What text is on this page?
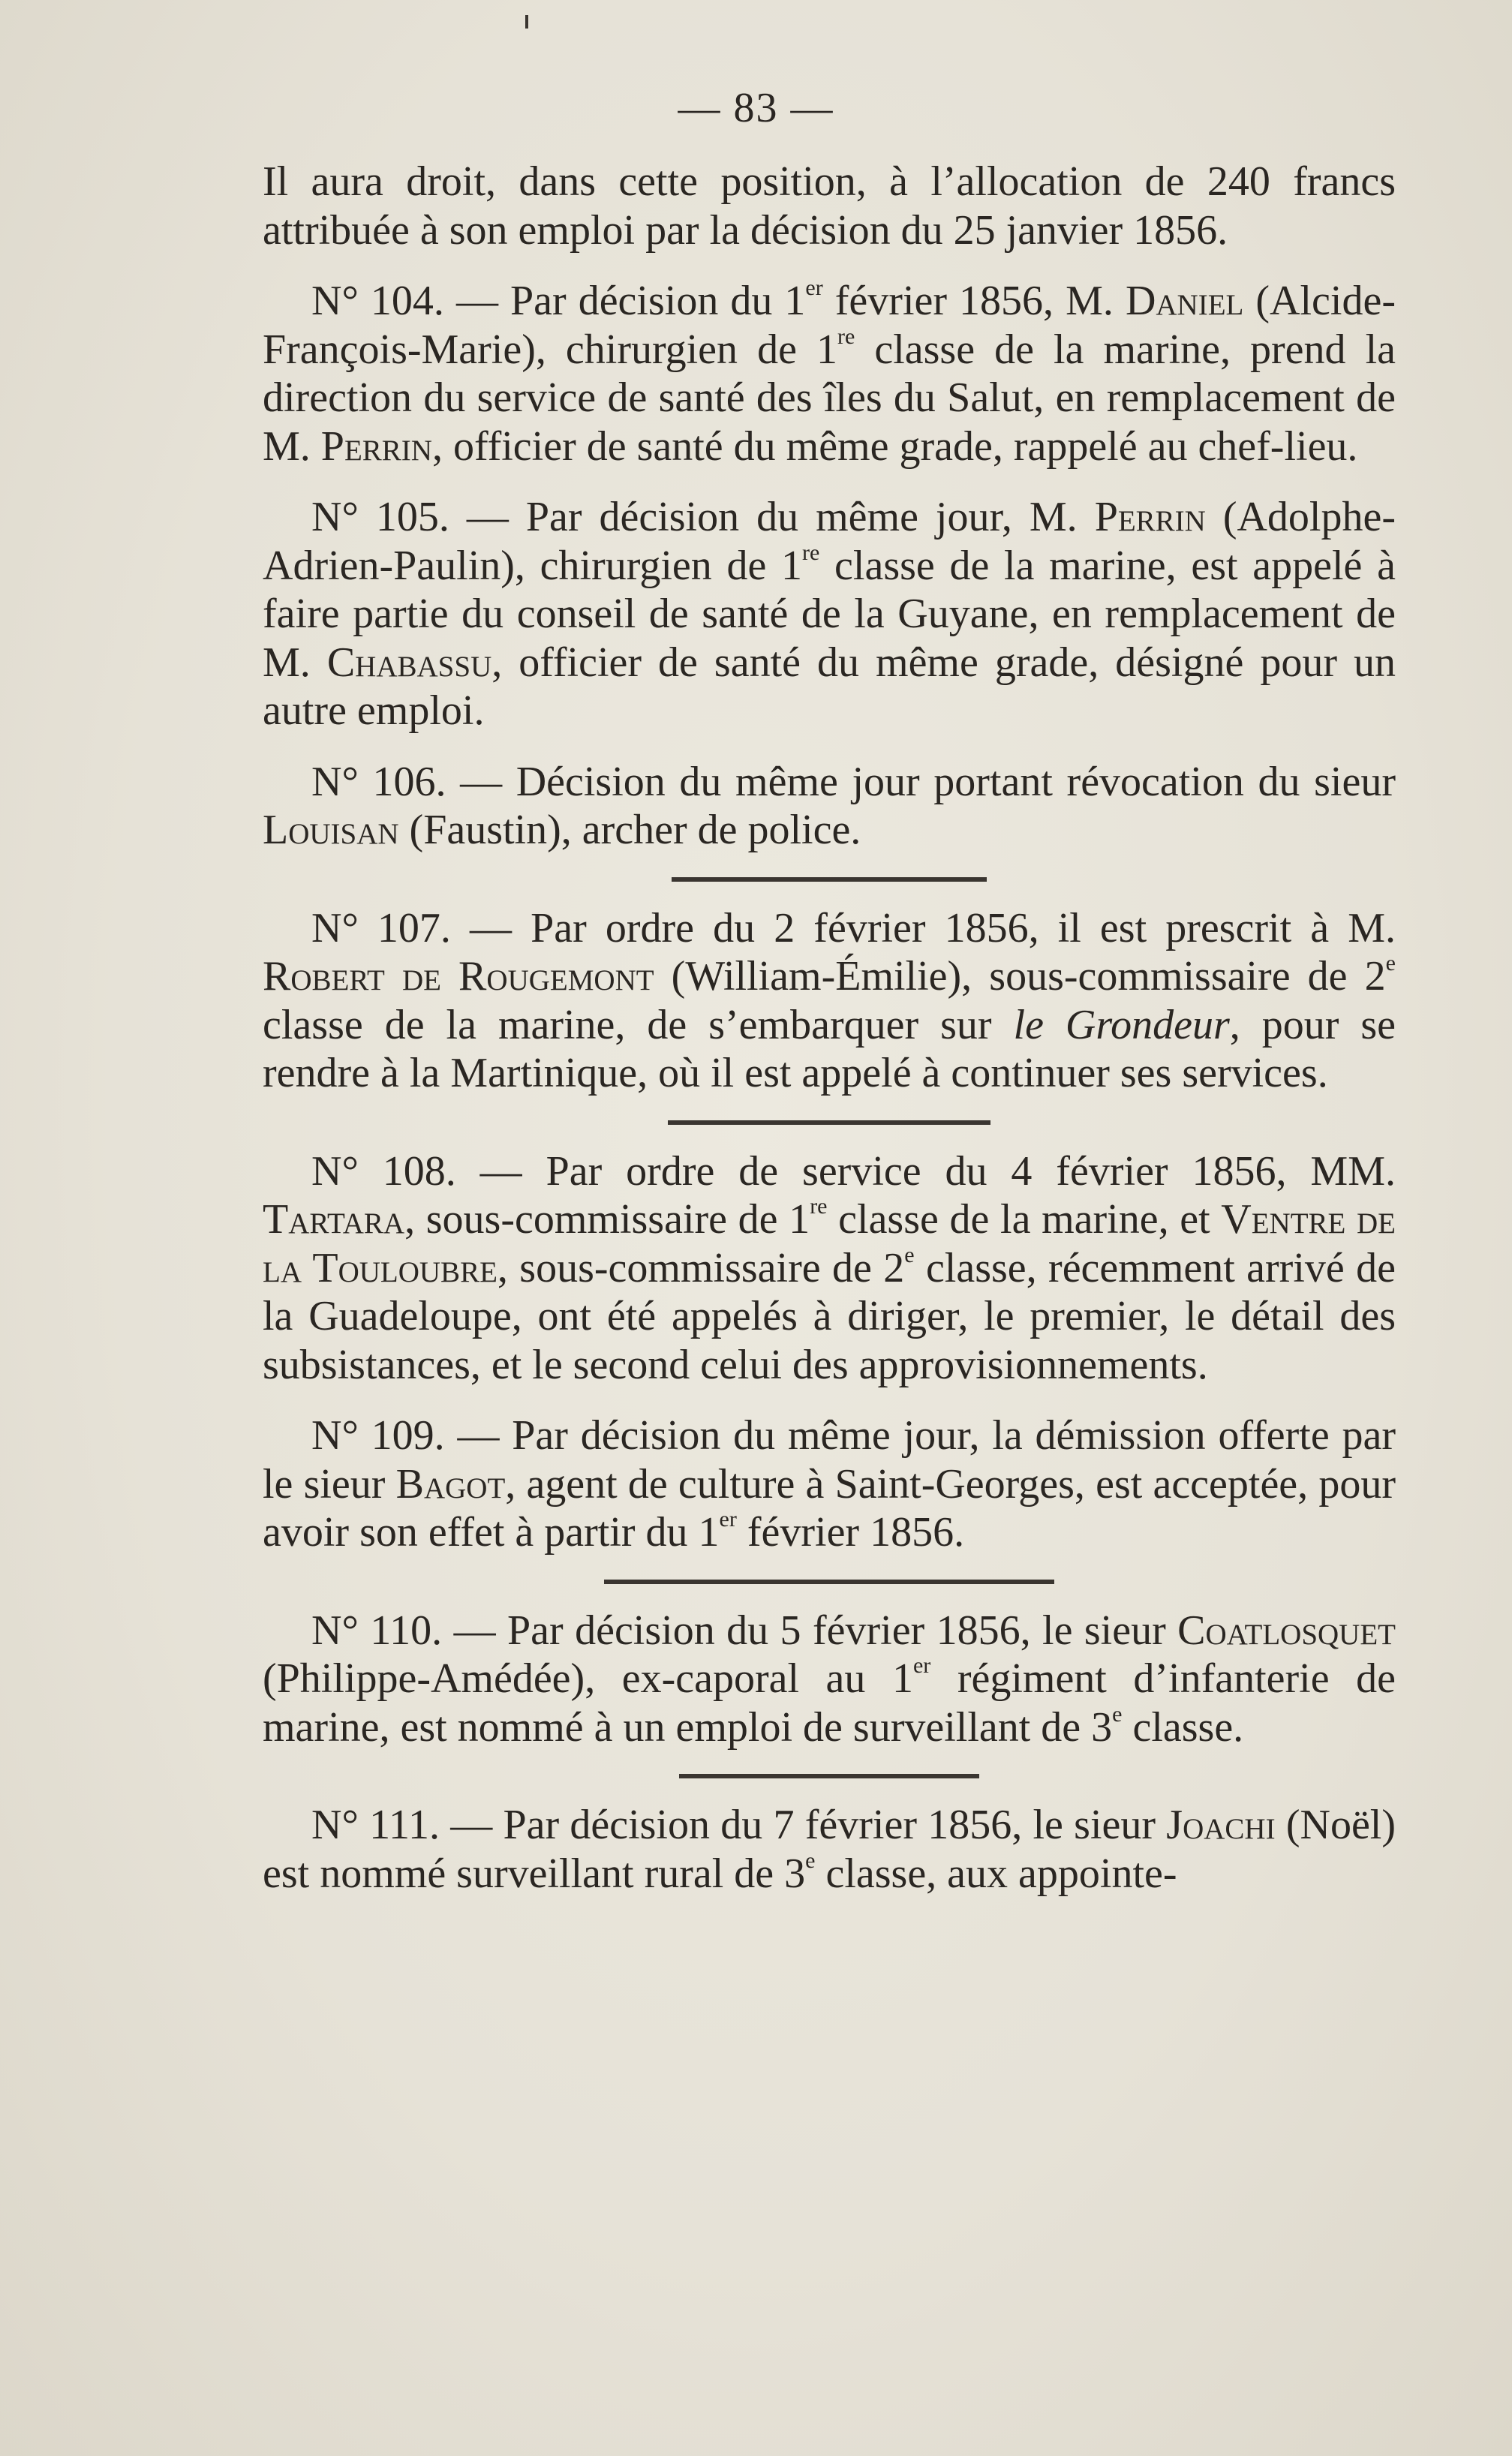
— 83 —

Il aura droit, dans cette position, à l’allocation de 240 francs attribuée à son emploi par la décision du 25 janvier 1856.

N° 104. — Par décision du 1er février 1856, M. Daniel (Alcide-François-Marie), chirurgien de 1re classe de la marine, prend la direction du service de santé des îles du Salut, en remplacement de M. Perrin, officier de santé du même grade, rappelé au chef-lieu.

N° 105. — Par décision du même jour, M. Perrin (Adolphe-Adrien-Paulin), chirurgien de 1re classe de la marine, est appelé à faire partie du conseil de santé de la Guyane, en remplacement de M. Chabassu, officier de santé du même grade, désigné pour un autre emploi.

N° 106. — Décision du même jour portant révocation du sieur Louisan (Faustin), archer de police.

N° 107. — Par ordre du 2 février 1856, il est prescrit à M. Robert de Rougemont (William-Émilie), sous-commissaire de 2e classe de la marine, de s’embarquer sur le Grondeur, pour se rendre à la Martinique, où il est appelé à continuer ses services.

N° 108. — Par ordre de service du 4 février 1856, MM. Tartara, sous-commissaire de 1re classe de la marine, et Ventre de la Touloubre, sous-commissaire de 2e classe, récemment arrivé de la Guadeloupe, ont été appelés à diriger, le premier, le détail des subsistances, et le second celui des approvisionnements.

N° 109. — Par décision du même jour, la démission offerte par le sieur Bagot, agent de culture à Saint-Georges, est acceptée, pour avoir son effet à partir du 1er février 1856.

N° 110. — Par décision du 5 février 1856, le sieur Coatlosquet (Philippe-Amédée), ex-caporal au 1er régiment d’infanterie de marine, est nommé à un emploi de surveillant de 3e classe.

N° 111. — Par décision du 7 février 1856, le sieur Joachi (Noël) est nommé surveillant rural de 3e classe, aux appointe-
